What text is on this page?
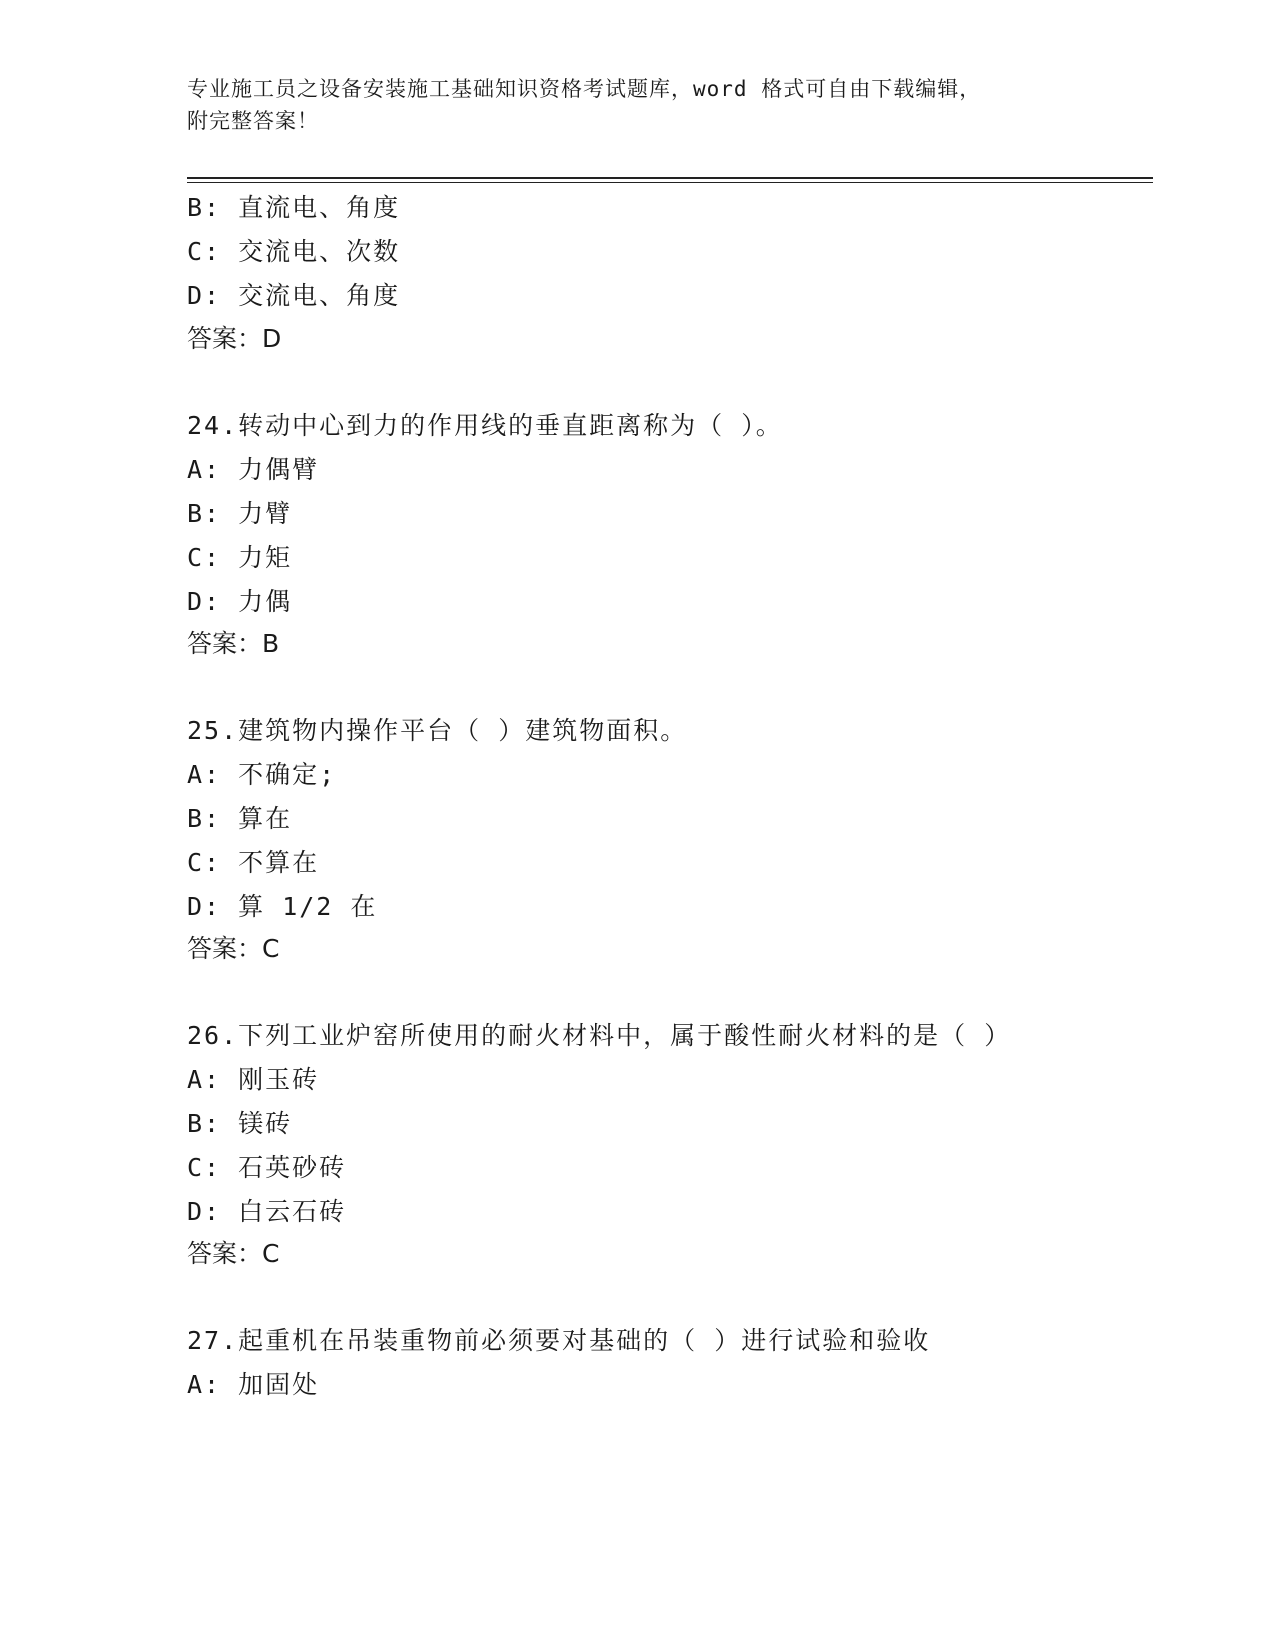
专业施工员之设备安装施工基础知识资格考试题库，word 格式可自由下载编辑，
附完整答案！
B: 直流电、角度
C: 交流电、次数
D: 交流电、角度
答案：D
24.转动中心到力的作用线的垂直距离称为（ ）。
A: 力偶臂
B: 力臂
C: 力矩
D: 力偶
答案：B
25.建筑物内操作平台（ ）建筑物面积。
A: 不确定;
B: 算在
C: 不算在
D: 算 1/2 在
答案：C
26.下列工业炉窑所使用的耐火材料中，属于酸性耐火材料的是（ ）
A: 刚玉砖
B: 镁砖
C: 石英砂砖
D: 白云石砖
答案：C
27.起重机在吊装重物前必须要对基础的（ ）进行试验和验收
A: 加固处
